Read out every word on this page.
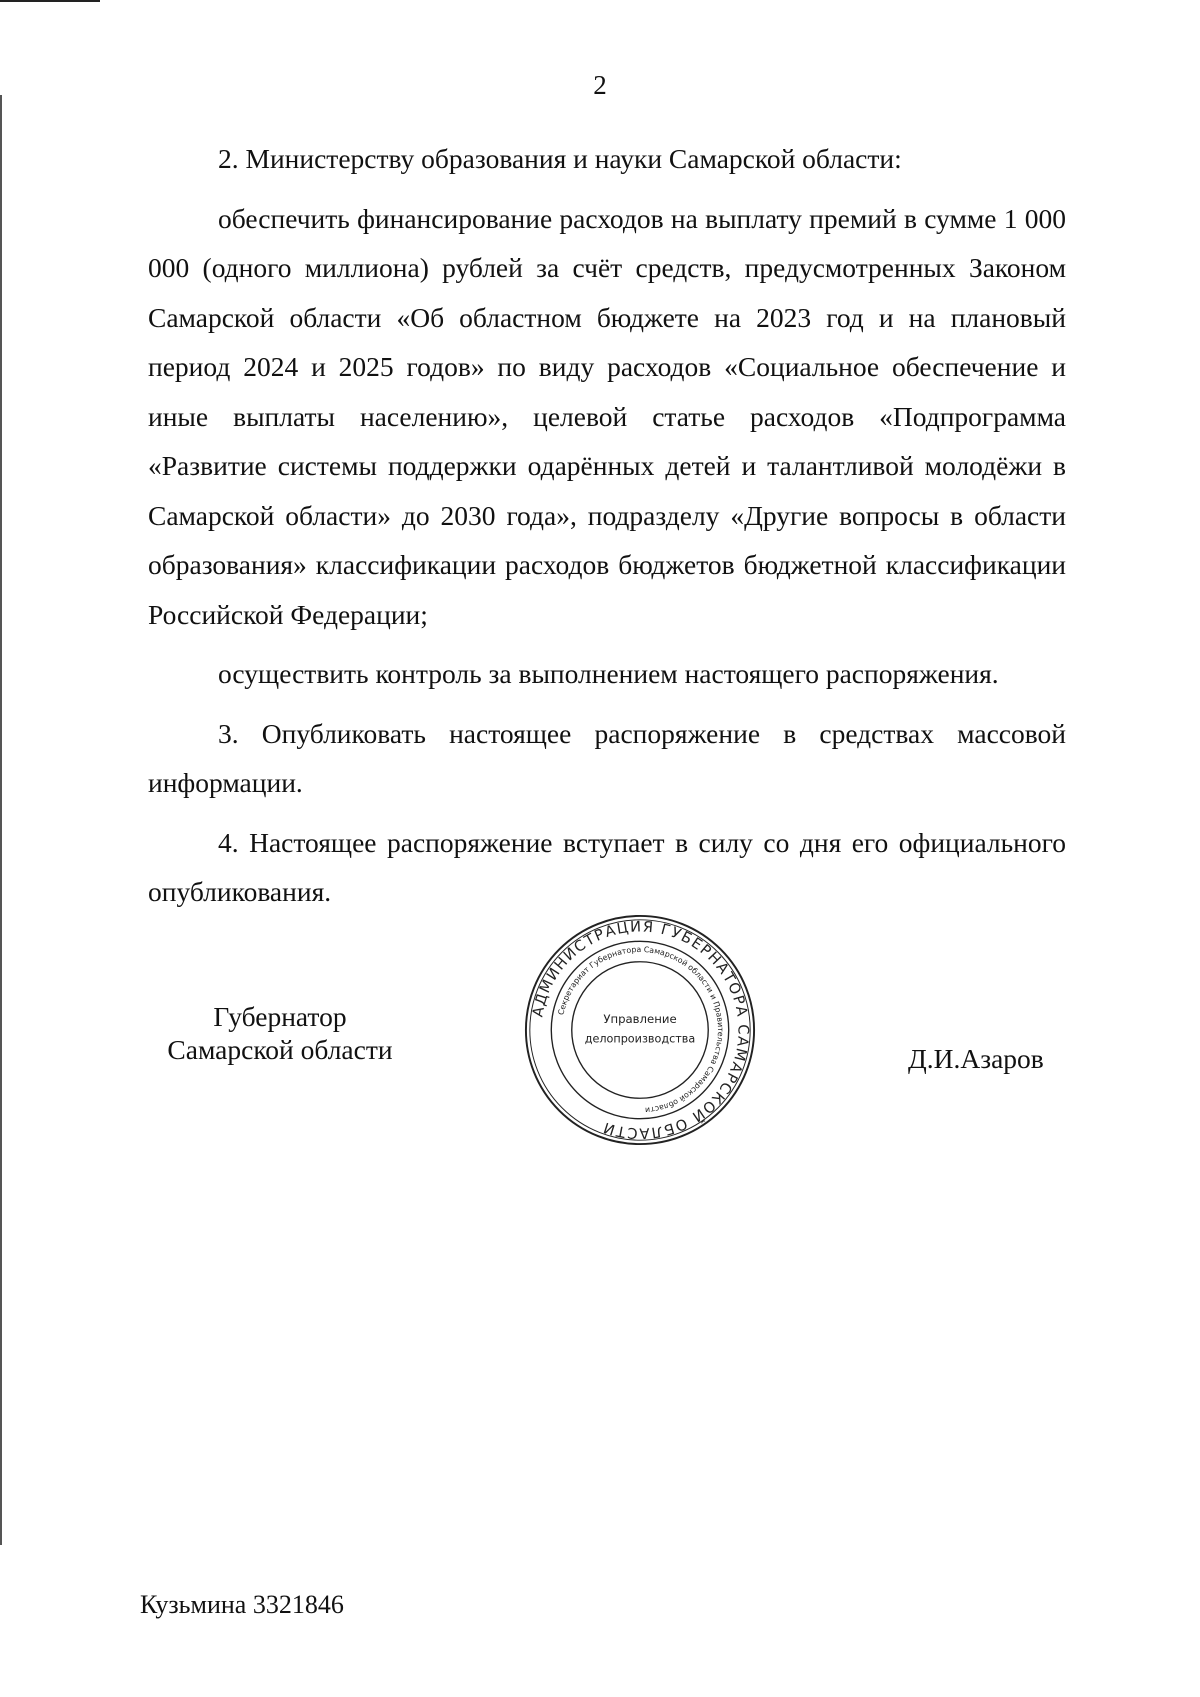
2

2. Министерству образования и науки Самарской области:

обеспечить финансирование расходов на выплату премий в сумме 1 000 000 (одного миллиона) рублей за счёт средств, предусмотренных Законом Самарской области «Об областном бюджете на 2023 год и на плановый период 2024 и 2025 годов» по виду расходов «Социальное обеспечение и иные выплаты населению», целевой статье расходов «Подпрограмма «Развитие системы поддержки одарённых детей и талантливой молодёжи в Самарской области» до 2030 года», подразделу «Другие вопросы в области образования» классификации расходов бюджетов бюджетной классификации Российской Федерации;

осуществить контроль за выполнением настоящего распоряжения.

3. Опубликовать настоящее распоряжение в средствах массовой информации.

4. Настоящее распоряжение вступает в силу со дня его официального опубликования.

Губернатор
Самарской области
АДМИНИСТРАЦИЯ ГУБЕРНАТОРА САМАРСКОЙ ОБЛАСТИ
Секретариат Губернатора Самарской области и Правительства Самарской области
Управление
делопроизводства
Д.И.Азаров
Кузьмина 3321846
